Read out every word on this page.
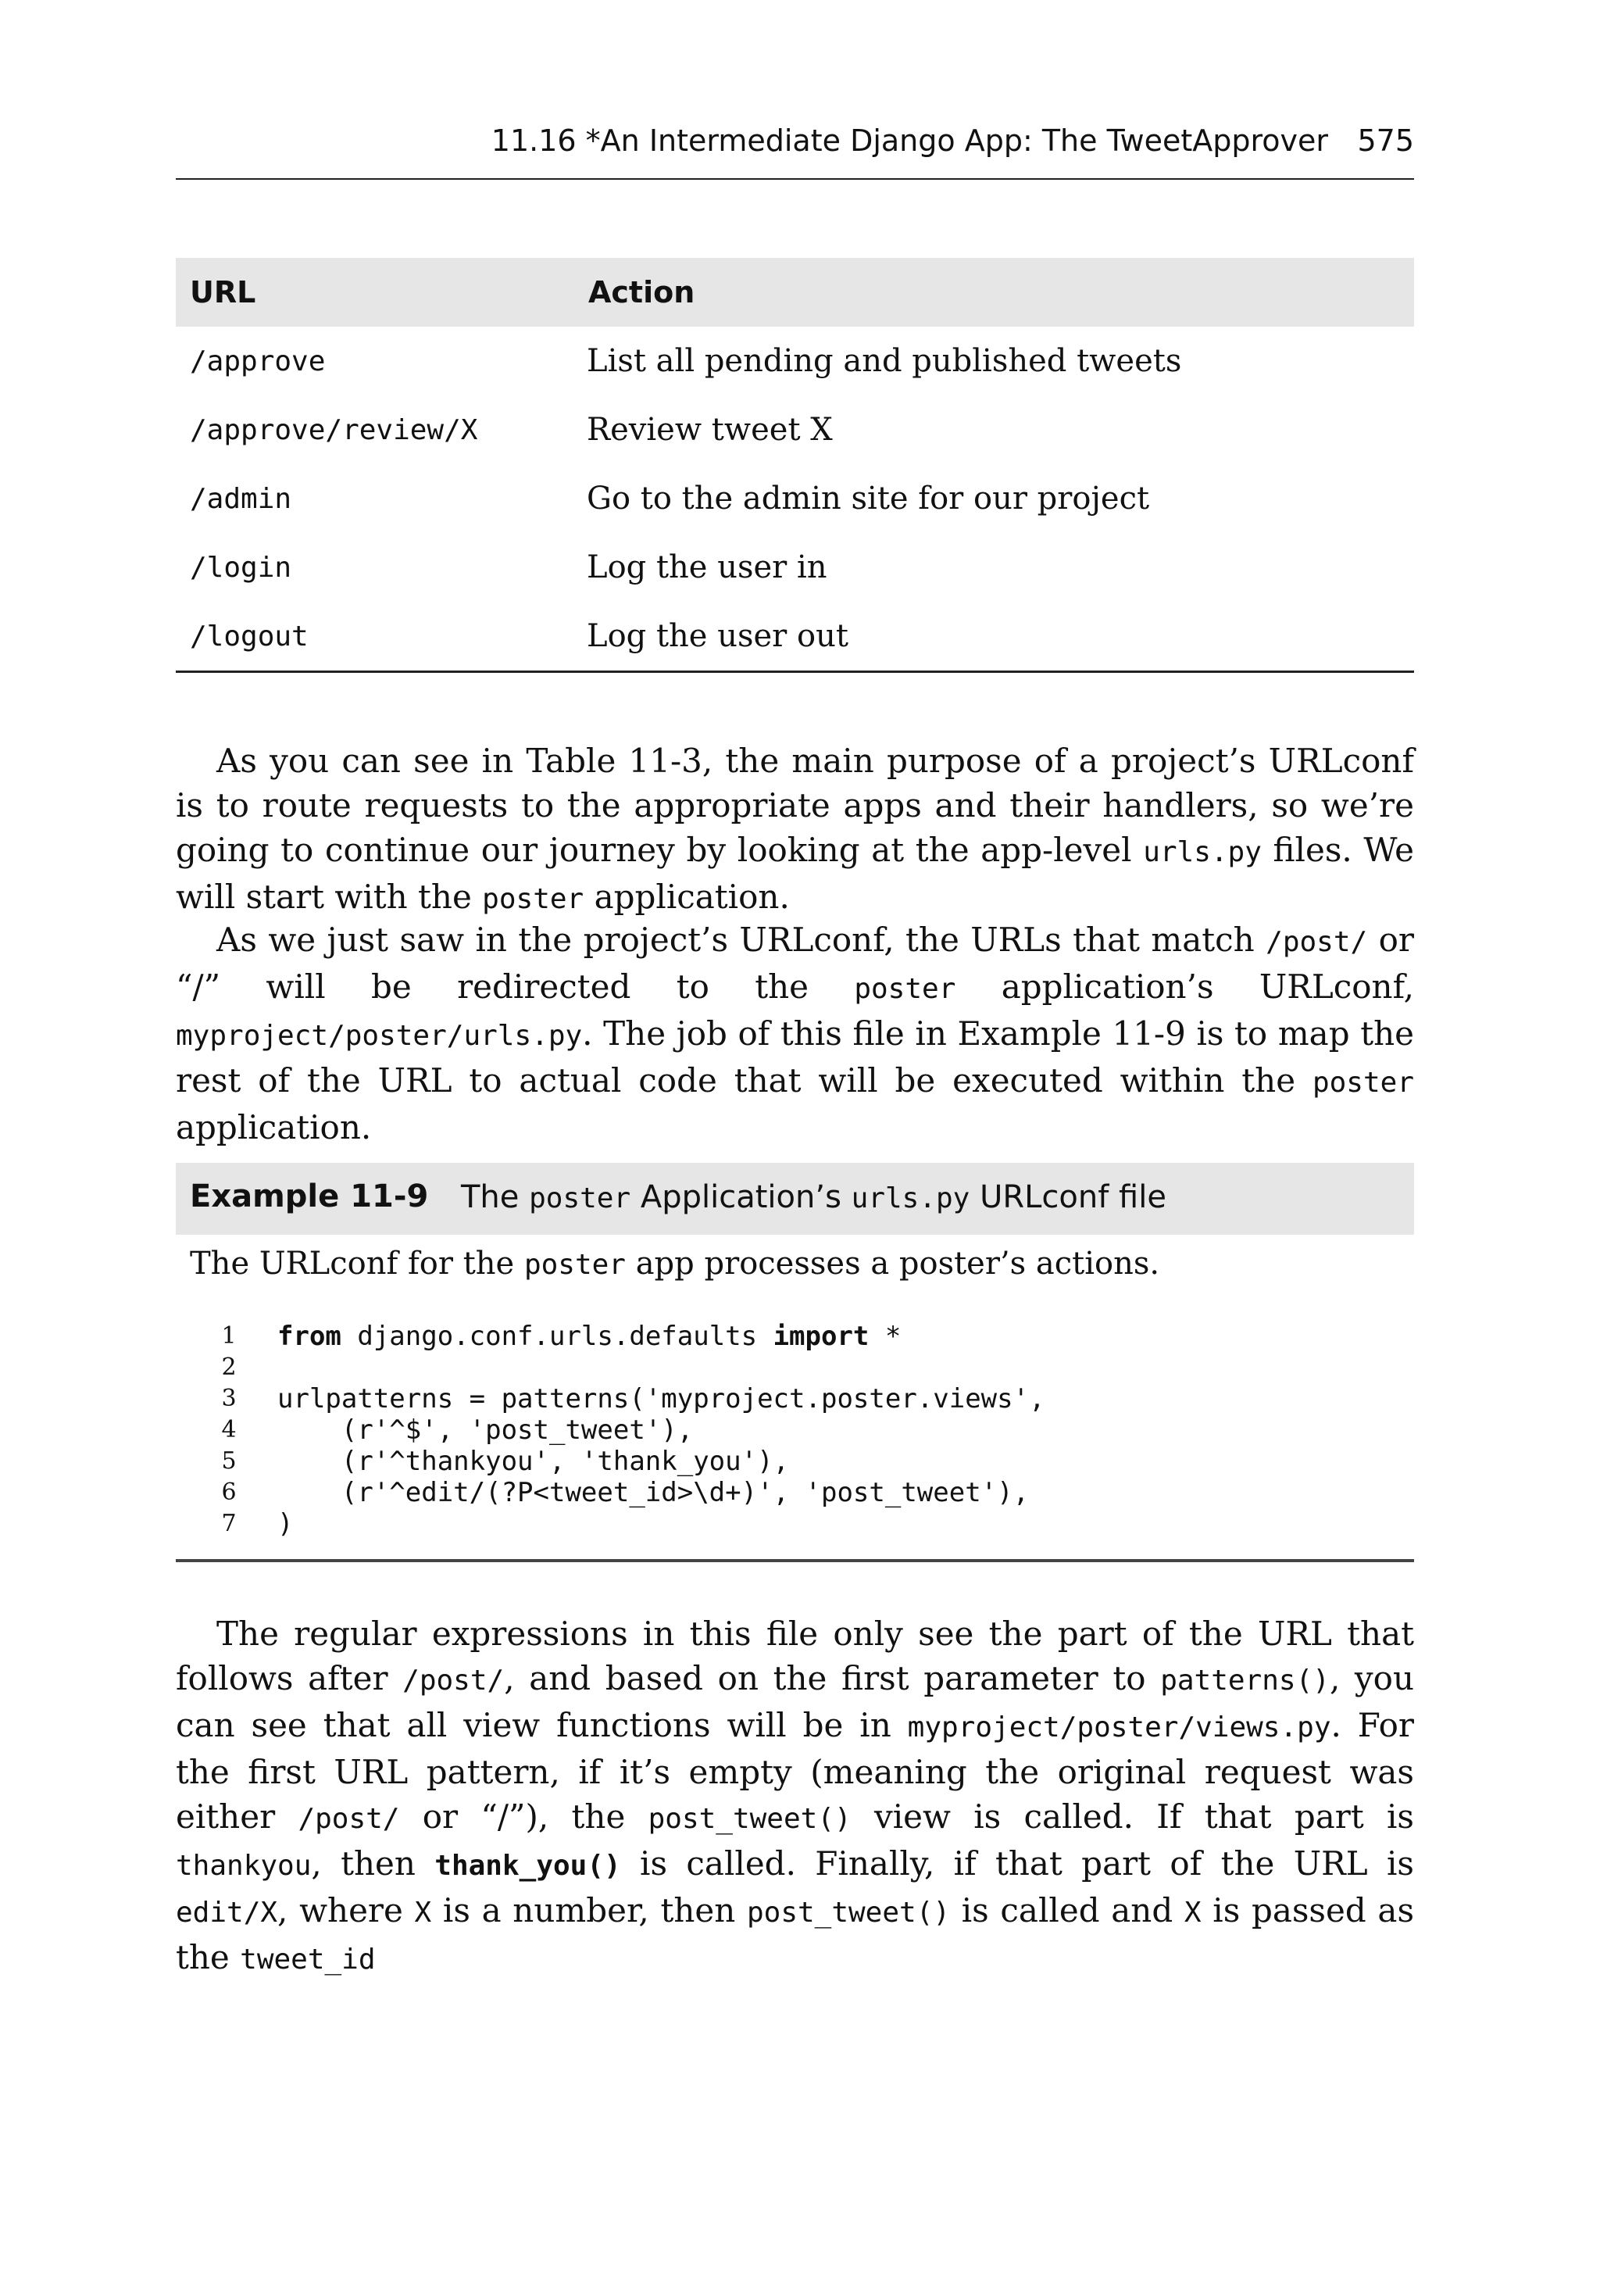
11.16 *An Intermediate Django App: The TweetApprover 575
URL	Action
/approve	List all pending and published tweets
/approve/review/X	Review tweet X
/admin	Go to the admin site for our project
/login	Log the user in
/logout	Log the user out

As you can see in Table 11-3, the main purpose of a project’s URLconf is to route requests to the appropriate apps and their handlers, so we’re going to continue our journey by looking at the app-level urls.py files. We will start with the poster application.

As we just saw in the project’s URLconf, the URLs that match /post/ or “/” will be redirected to the poster application’s URLconf, myproject/poster/urls.py. The job of this file in Example 11-9 is to map the rest of the URL to actual code that will be executed within the poster application.

Example 11-9 The poster Application’s urls.py URLconf file
The URLconf for the poster app processes a poster’s actions.
1	from django.conf.urls.defaults import *
2
3	urlpatterns = patterns('myproject.poster.views',
4	(r'^$', 'post_tweet'),
5	(r'^thankyou', 'thank_you'),
6	(r'^edit/(?P<tweet_id>\d+)', 'post_tweet'),
7	)

The regular expressions in this file only see the part of the URL that follows after /post/, and based on the first parameter to patterns(), you can see that all view functions will be in myproject/poster/views.py. For the first URL pattern, if it’s empty (meaning the original request was either /post/ or “/”), the post_tweet() view is called. If that part is thankyou, then thank_you() is called. Finally, if that part of the URL is edit/X, where X is a number, then post_tweet() is called and X is passed as the tweet_id
